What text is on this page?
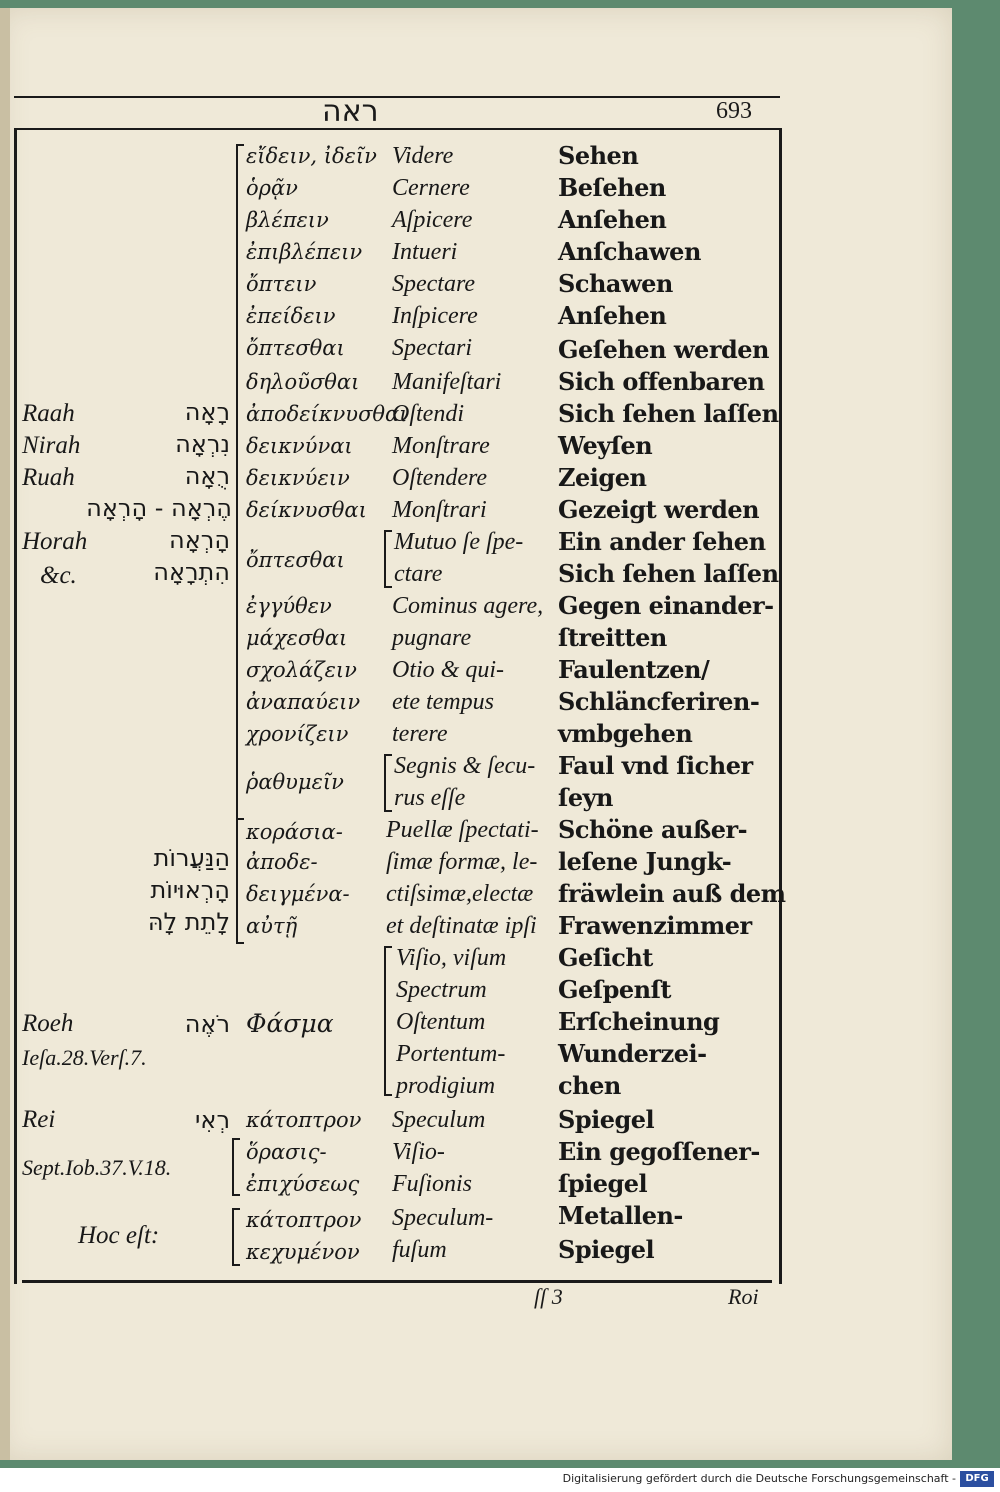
ראה	693
εἴδειν, ἰδεῖν
ὁρᾷν
βλέπειν
ἐπιβλέπειν
ὄπτειν
ἐπείδειν
ὄπτεσθαι
δηλοῦσθαι
ἀποδείκνυσθαι
δεικνύναι
δεικνύειν
δείκνυσθαι
ὄπτεσθαι
ἐγγύθεν
μάχεσθαι
σχολάζειν
ἀναπαύειν
χρονίζειν
ῥαθυμεῖν
κοράσια-
ἀποδε-
δειγμένα-
αὐτῇ
Φάσμα
κάτοπτρον
ὅρασις-
ἐπιχύσεως
κάτοπτρον
κεχυμένον
Videre
Cernere
Aſpicere
Intueri
Spectare
Inſpicere
Spectari
Manifeſtari
Oſtendi
Monſtrare
Oſtendere
Monſtrari
Mutuo ſe ſpe-
ctare
Cominus agere,
pugnare
Otio & qui-
ete tempus
terere
Segnis & ſecu-
rus eſſe
Puellæ ſpectati-
ſimæ formæ, le-
ctiſsimæ,electæ
et deſtinatæ ipſi
Viſio, viſum
Spectrum
Oſtentum
Portentum-
prodigium
Speculum
Viſio-
Fuſionis
Speculum-
fuſum
Sehen
Beſehen
Anſehen
Anſchawen
Schawen
Anſehen
Geſehen werden
Sich offenbaren
Sich ſehen laſſen
Weyſen
Zeigen
Gezeigt werden
Ein ander ſehen
Sich ſehen laſſen
Gegen einander-
ſtreitten
Faulentzen/
Schläncferiren-
vmbgehen
Faul vnd ſicher
ſeyn
Schöne außer-
leſene Jungk-
fräwlein auß dem
Frawenzimmer
Geſicht
Geſpenſt
Erſcheinung
Wunderzei-
chen
Spiegel
Ein gegoſſener-
ſpiegel
Metallen-
Spiegel
Raah
Nirah
Ruah
Horah
&c.
Roeh
Ieſa.28.Verſ.7.
Rei
Sept.Iob.37.V.18.
Hoc eſt:
רָאָה
נִרְאָה
רֻאָה
הֶרְאָה - הָרְאָה
הָרְאָה
הִתְרָאָה
הַנַּעֲרוֹת
הָרְאוּיוֹת
לָתֵת לָהּ
רֹאֶה
רְאִי
ſſ 3	Roi
Digitalisierung gefördert durch die Deutsche Forschungsgemeinschaft - DFG
